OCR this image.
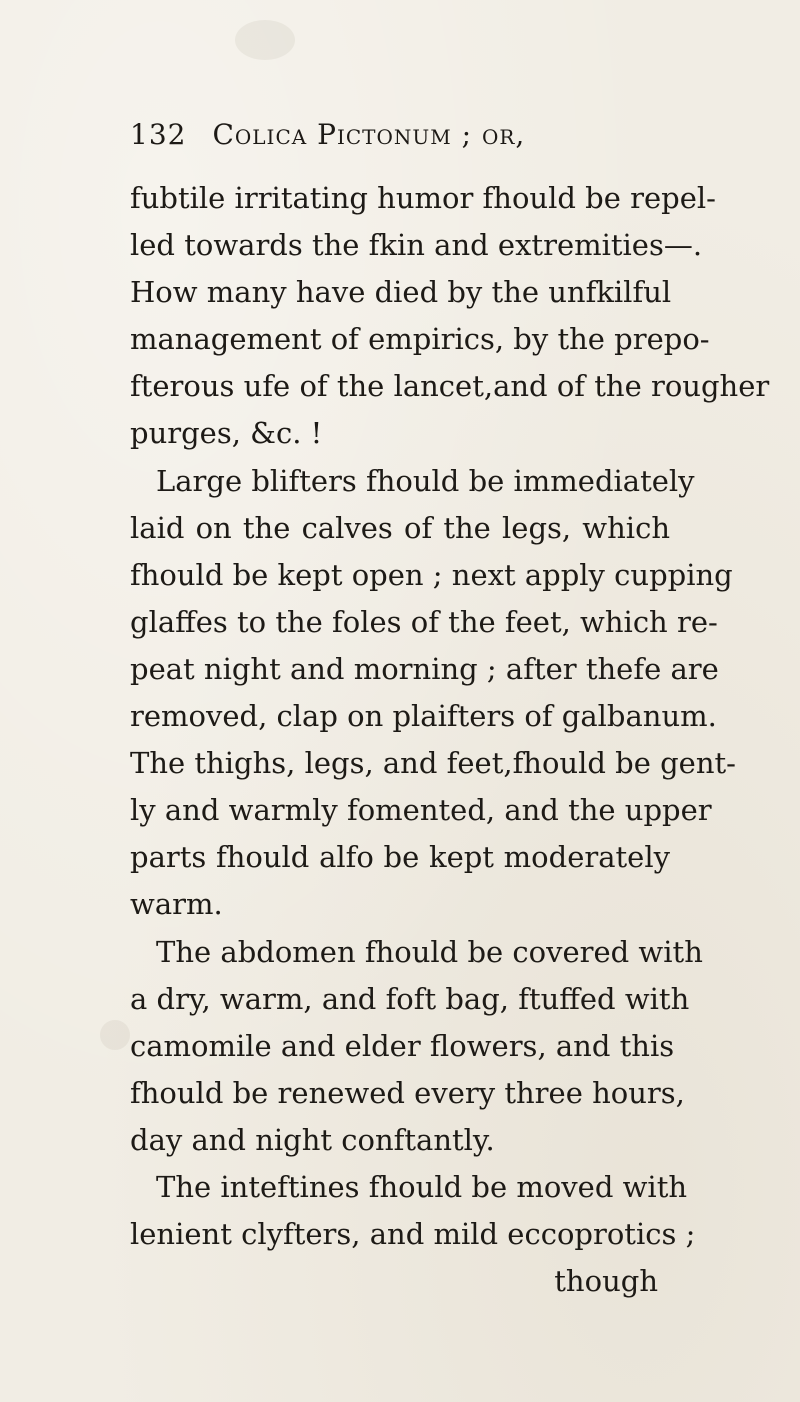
132 Colica Pictonum ; or,
fubtile irritating humor fhould be repel-
led towards the fkin and extremities—.
How many have died by the unfkilful
management of empirics, by the prepo-
fterous ufe of the lancet,and of the rougher
purges, &c. !
Large blifters fhould be immediately
laid on the calves of the legs, which
fhould be kept open ; next apply cupping
glaffes to the foles of the feet, which re-
peat night and morning ; after thefe are
removed, clap on plaifters of galbanum.
The thighs, legs, and feet,fhould be gent-
ly and warmly fomented, and the upper
parts fhould alfo be kept moderately
warm.
The abdomen fhould be covered with
a dry, warm, and foft bag, ftuffed with
camomile and elder flowers, and this
fhould be renewed every three hours,
day and night conftantly.
The inteftines fhould be moved with
lenient clyfters, and mild eccoprotics ;
though
